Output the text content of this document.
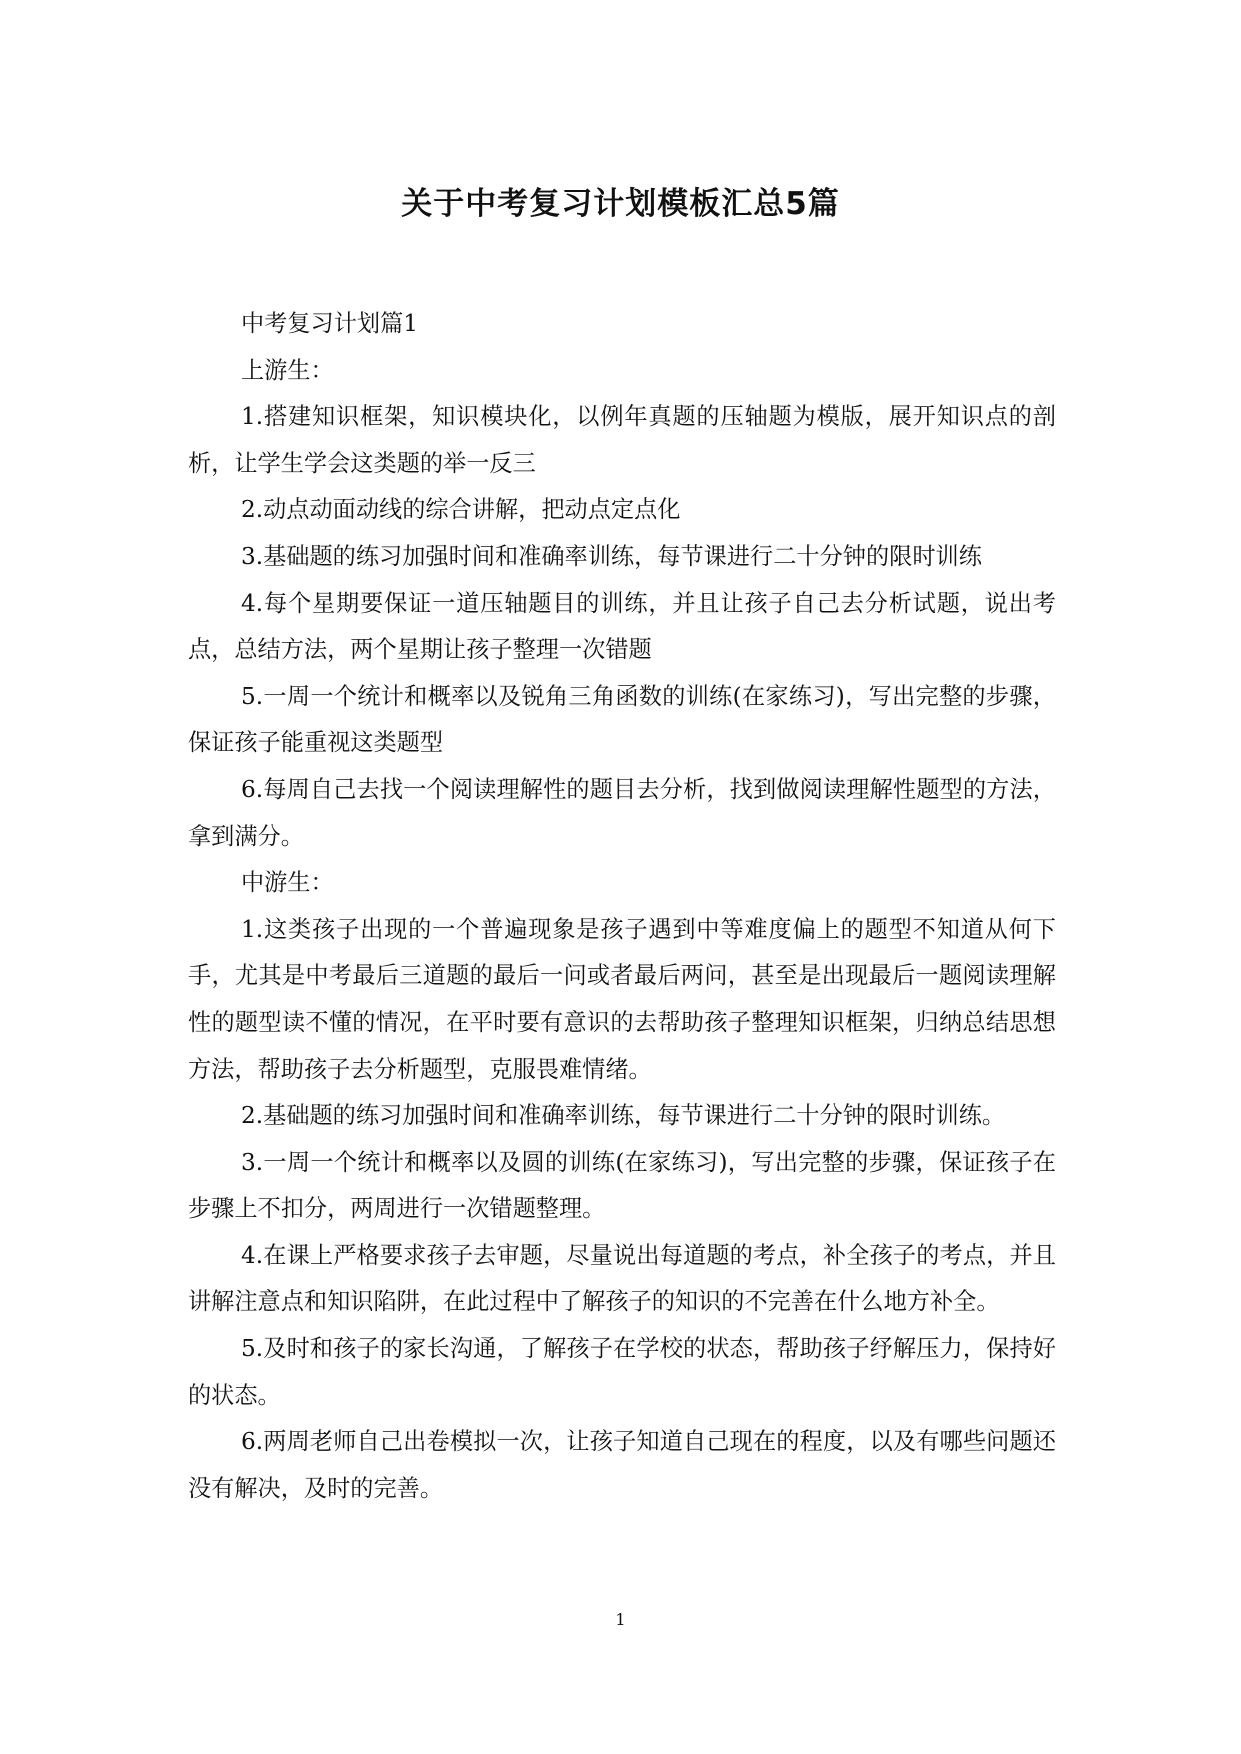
关于中考复习计划模板汇总5篇

中考复习计划篇1

上游生：

1.搭建知识框架，知识模块化，以例年真题的压轴题为模版，展开知识点的剖析，让学生学会这类题的举一反三

2.动点动面动线的综合讲解，把动点定点化

3.基础题的练习加强时间和准确率训练，每节课进行二十分钟的限时训练

4.每个星期要保证一道压轴题目的训练，并且让孩子自己去分析试题，说出考点，总结方法，两个星期让孩子整理一次错题

5.一周一个统计和概率以及锐角三角函数的训练(在家练习)，写出完整的步骤，保证孩子能重视这类题型

6.每周自己去找一个阅读理解性的题目去分析，找到做阅读理解性题型的方法，拿到满分。

中游生：

1.这类孩子出现的一个普遍现象是孩子遇到中等难度偏上的题型不知道从何下手，尤其是中考最后三道题的最后一问或者最后两问，甚至是出现最后一题阅读理解性的题型读不懂的情况，在平时要有意识的去帮助孩子整理知识框架，归纳总结思想方法，帮助孩子去分析题型，克服畏难情绪。

2.基础题的练习加强时间和准确率训练，每节课进行二十分钟的限时训练。

3.一周一个统计和概率以及圆的训练(在家练习)，写出完整的步骤，保证孩子在步骤上不扣分，两周进行一次错题整理。

4.在课上严格要求孩子去审题，尽量说出每道题的考点，补全孩子的考点，并且讲解注意点和知识陷阱，在此过程中了解孩子的知识的不完善在什么地方补全。

5.及时和孩子的家长沟通，了解孩子在学校的状态，帮助孩子纾解压力，保持好的状态。

6.两周老师自己出卷模拟一次，让孩子知道自己现在的程度，以及有哪些问题还没有解决，及时的完善。

1
